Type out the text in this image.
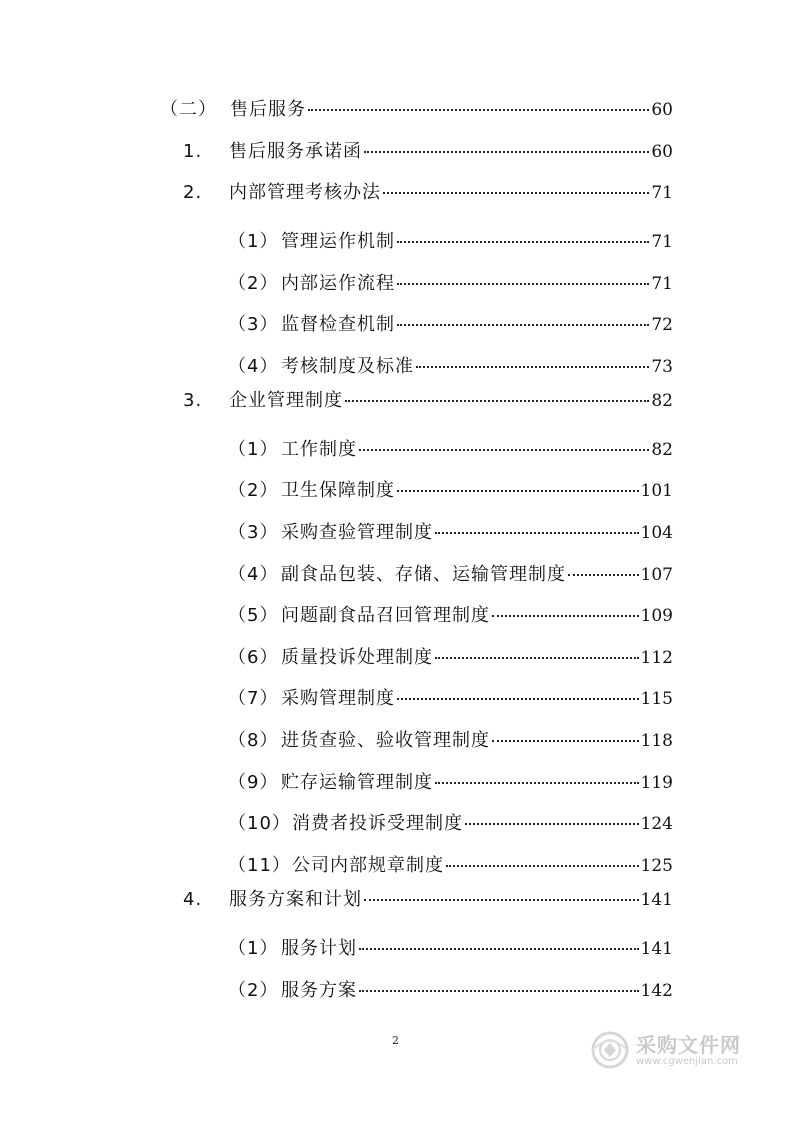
（二） 售后服务	60
1.	售后服务承诺函	60
2.	内部管理考核办法	71
（1） 管理运作机制	71
（2） 内部运作流程	71
（3） 监督检查机制	72
（4） 考核制度及标准	73
3.	企业管理制度	82
（1） 工作制度	82
（2） 卫生保障制度	101
（3） 采购查验管理制度	104
（4） 副食品包装、存储、运输管理制度	107
（5） 问题副食品召回管理制度	109
（6） 质量投诉处理制度	112
（7） 采购管理制度	115
（8） 进货查验、验收管理制度	118
（9） 贮存运输管理制度	119
（10） 消费者投诉受理制度	124
（11） 公司内部规章制度	125
4.	服务方案和计划	141
（1） 服务计划	141
（2） 服务方案	142
2	采购文件网
www.cgwenjian.com
